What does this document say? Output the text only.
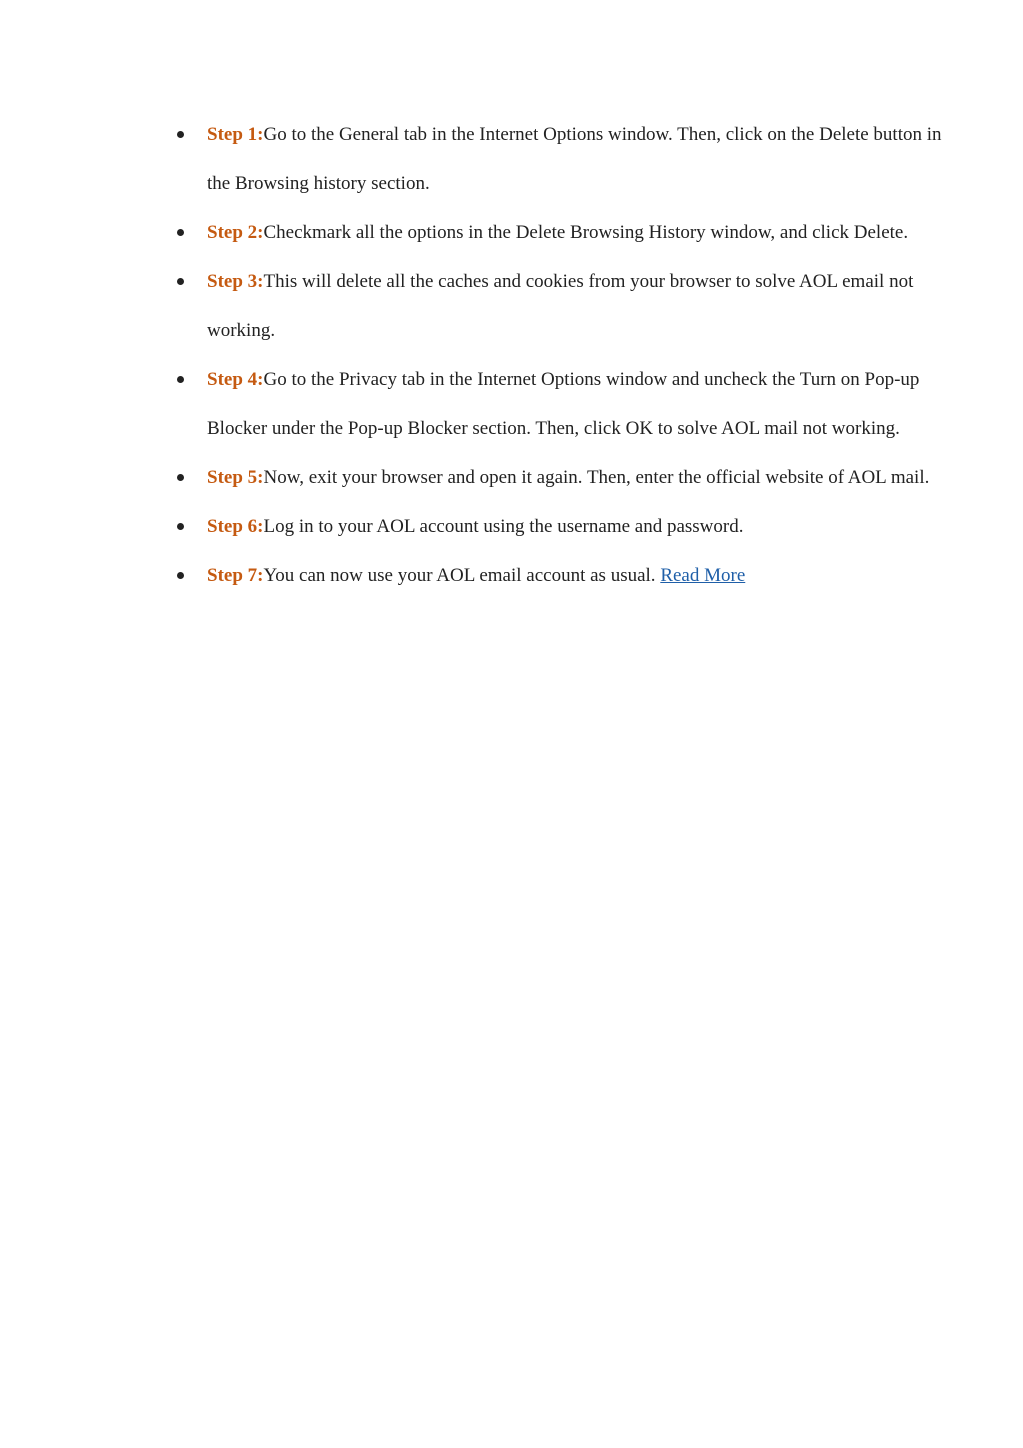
Step 1:Go to the General tab in the Internet Options window. Then, click on the Delete button in the Browsing history section.
Step 2:Checkmark all the options in the Delete Browsing History window, and click Delete.
Step 3:This will delete all the caches and cookies from your browser to solve AOL email not working.
Step 4:Go to the Privacy tab in the Internet Options window and uncheck the Turn on Pop-up Blocker under the Pop-up Blocker section. Then, click OK to solve AOL mail not working.
Step 5:Now, exit your browser and open it again. Then, enter the official website of AOL mail.
Step 6:Log in to your AOL account using the username and password.
Step 7:You can now use your AOL email account as usual. Read More
